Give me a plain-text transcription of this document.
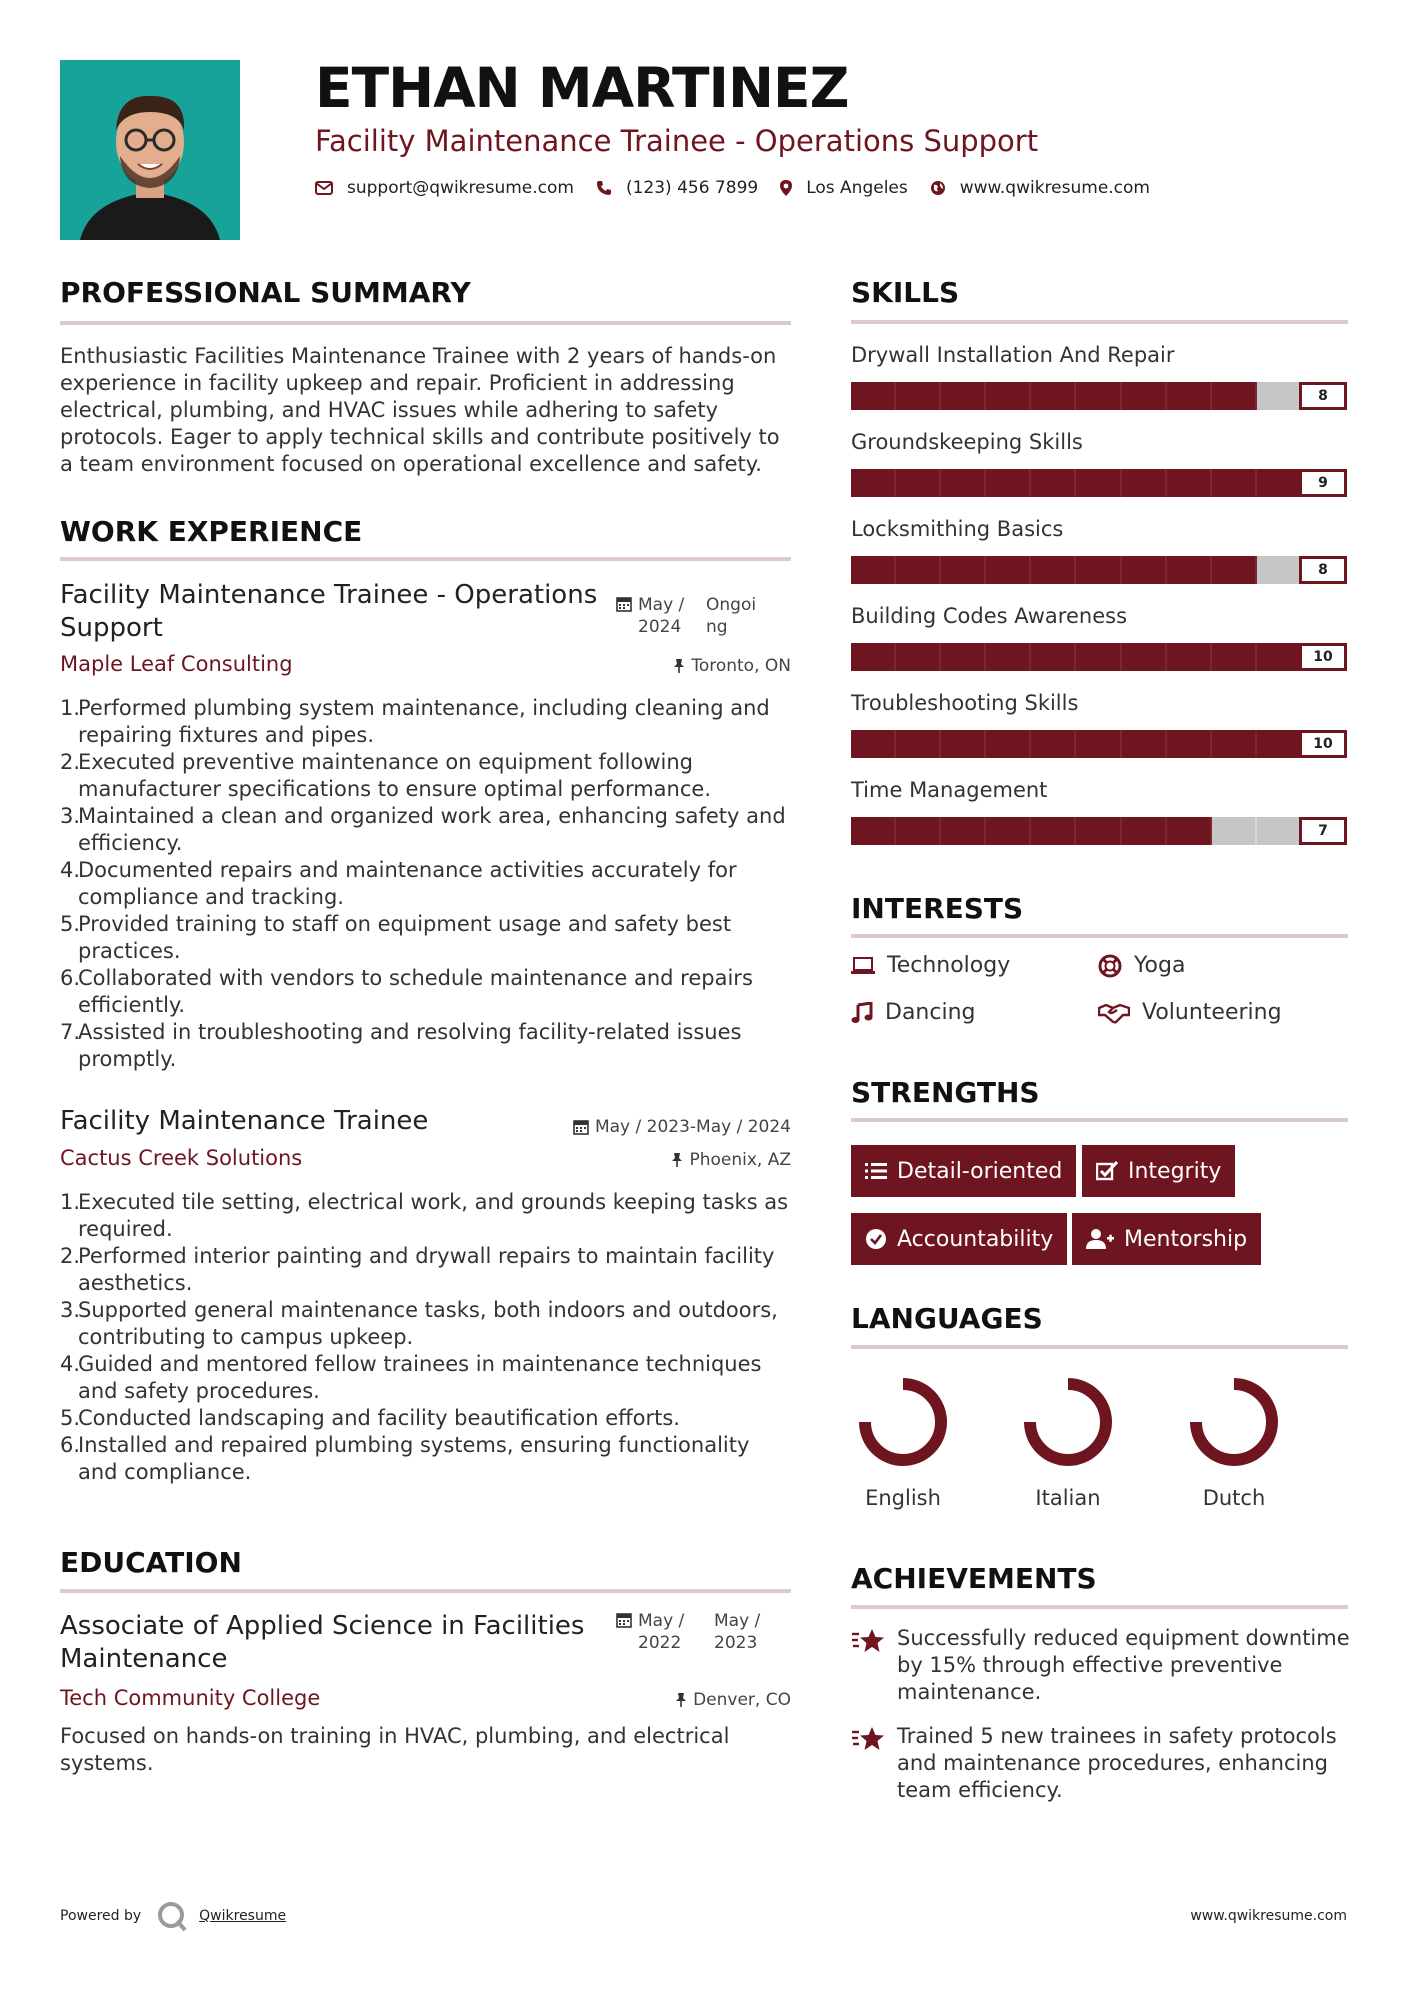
ETHAN MARTINEZ
Facility Maintenance Trainee - Operations Support
support@qwikresume.com	(123) 456 7899	Los Angeles	www.qwikresume.com
PROFESSIONAL SUMMARY
Enthusiastic Facilities Maintenance Trainee with 2 years of hands-on experience in facility upkeep and repair. Proficient in addressing electrical, plumbing, and HVAC issues while adhering to safety protocols. Eager to apply technical skills and contribute positively to a team environment focused on operational excellence and safety.
WORK EXPERIENCE
Facility Maintenance Trainee - Operations Support
May /
2024
Ongoi
ng
Maple Leaf Consulting	Toronto, ON
1.
Performed plumbing system maintenance, including cleaning and repairing fixtures and pipes.
2.
Executed preventive maintenance on equipment following manufacturer specifications to ensure optimal performance.
3.
Maintained a clean and organized work area, enhancing safety and efficiency.
4.
Documented repairs and maintenance activities accurately for compliance and tracking.
5.
Provided training to staff on equipment usage and safety best practices.
6.
Collaborated with vendors to schedule maintenance and repairs efficiently.
7.
Assisted in troubleshooting and resolving facility-related issues promptly.
Facility Maintenance Trainee	May / 2023-May / 2024
Cactus Creek Solutions	Phoenix, AZ
1.
Executed tile setting, electrical work, and grounds keeping tasks as required.
2.
Performed interior painting and drywall repairs to maintain facility aesthetics.
3.
Supported general maintenance tasks, both indoors and outdoors, contributing to campus upkeep.
4.
Guided and mentored fellow trainees in maintenance techniques and safety procedures.
5.
Conducted landscaping and facility beautification efforts.
6.
Installed and repaired plumbing systems, ensuring functionality and compliance.
EDUCATION
Associate of Applied Science in Facilities
Maintenance
May /
2022
May /
2023
Tech Community College	Denver, CO
Focused on hands-on training in HVAC, plumbing, and electrical systems.
SKILLS
Drywall Installation And Repair
8
Groundskeeping Skills
9
Locksmithing Basics
8
Building Codes Awareness
10
Troubleshooting Skills
10
Time Management
7
INTERESTS
Technology	Yoga
Dancing	Volunteering
STRENGTHS
Detail-oriented	Integrity
Accountability	Mentorship
LANGUAGES
English	Italian	Dutch
ACHIEVEMENTS
Successfully reduced equipment downtime by 15% through effective preventive maintenance.
Trained 5 new trainees in safety protocols and maintenance procedures, enhancing team efficiency.
Powered by	Qwikresume	www.qwikresume.com
